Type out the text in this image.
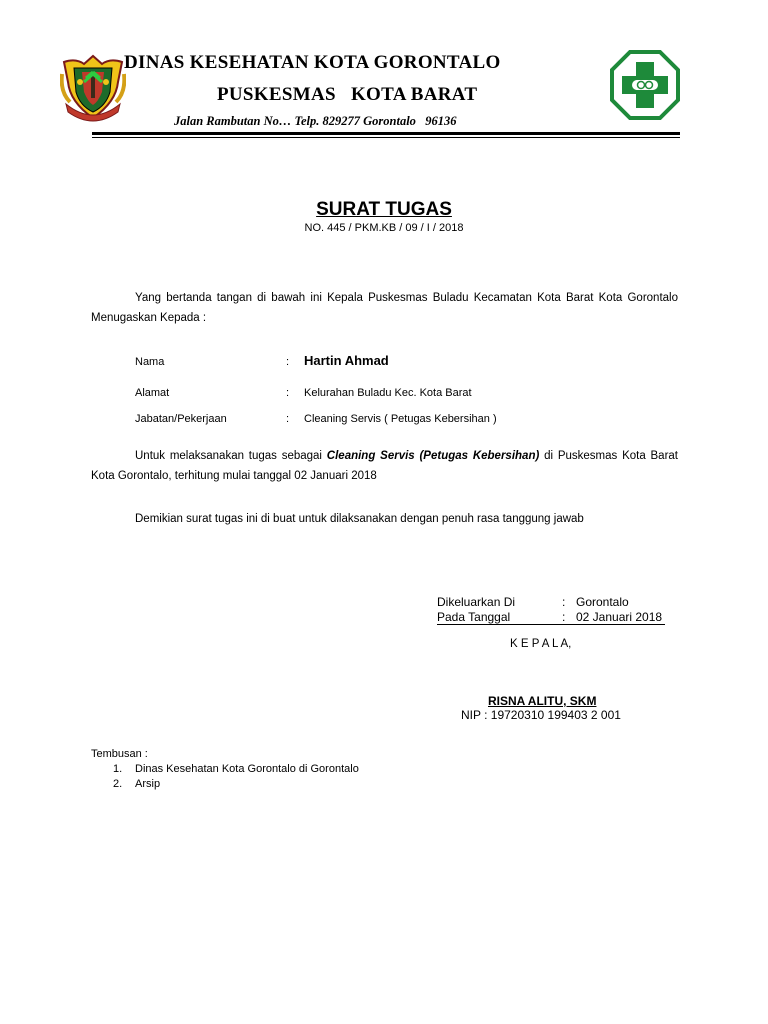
DINAS KESEHATAN KOTA GORONTALO
PUSKESMAS   KOTA BARAT
Jalan Rambutan No… Telp. 829277 Gorontalo   96136
SURAT TUGAS
NO. 445 / PKM.KB / 09 / I / 2018
Yang bertanda tangan di bawah ini Kepala Puskesmas Buladu Kecamatan Kota Barat Kota Gorontalo Menugaskan Kepada :
Nama	: Hartin Ahmad
Alamat	: Kelurahan Buladu Kec. Kota Barat
Jabatan/Pekerjaan	: Cleaning Servis ( Petugas Kebersihan )
Untuk melaksanakan tugas sebagai Cleaning Servis (Petugas Kebersihan) di Puskesmas Kota Barat Kota Gorontalo, terhitung mulai tanggal 02 Januari 2018
Demikian surat tugas ini di buat untuk dilaksanakan dengan penuh rasa tanggung jawab
Dikeluarkan Di	: Gorontalo
Pada Tanggal	: 02 Januari 2018
K E P A L A,
RISNA ALITU, SKM
NIP : 19720310 199403 2 001
Tembusan :
1. Dinas Kesehatan Kota Gorontalo di Gorontalo
2. Arsip
